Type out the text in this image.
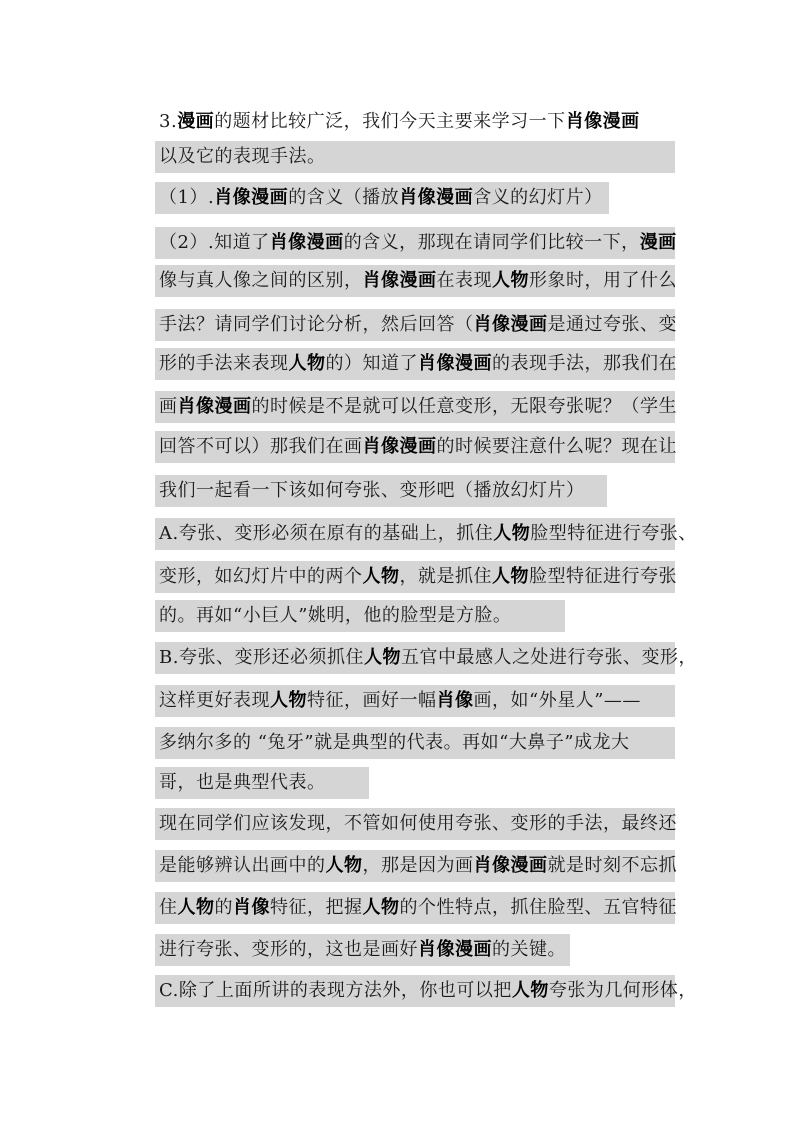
3.漫画的题材比较广泛，我们今天主要来学习一下肖像漫画
以及它的表现手法。
（1）.肖像漫画的含义（播放肖像漫画含义的幻灯片）
（2）.知道了肖像漫画的含义，那现在请同学们比较一下，漫画
像与真人像之间的区别，肖像漫画在表现人物形象时，用了什么
手法？请同学们讨论分析，然后回答（肖像漫画是通过夸张、变
形的手法来表现人物的）知道了肖像漫画的表现手法，那我们在
画肖像漫画的时候是不是就可以任意变形，无限夸张呢？（学生
回答不可以）那我们在画肖像漫画的时候要注意什么呢？现在让
我们一起看一下该如何夸张、变形吧（播放幻灯片）
A.夸张、变形必须在原有的基础上，抓住人物脸型特征进行夸张、
变形，如幻灯片中的两个人物，就是抓住人物脸型特征进行夸张
的。再如“小巨人”姚明，他的脸型是方脸。
B.夸张、变形还必须抓住人物五官中最感人之处进行夸张、变形，
这样更好表现人物特征，画好一幅肖像画，如“外星人”——
多纳尔多的 “兔牙”就是典型的代表。再如“大鼻子”成龙大
哥，也是典型代表。
现在同学们应该发现，不管如何使用夸张、变形的手法，最终还
是能够辨认出画中的人物，那是因为画肖像漫画就是时刻不忘抓
住人物的肖像特征，把握人物的个性特点，抓住脸型、五官特征
进行夸张、变形的，这也是画好肖像漫画的关键。
C.除了上面所讲的表现方法外，你也可以把人物夸张为几何形体，
